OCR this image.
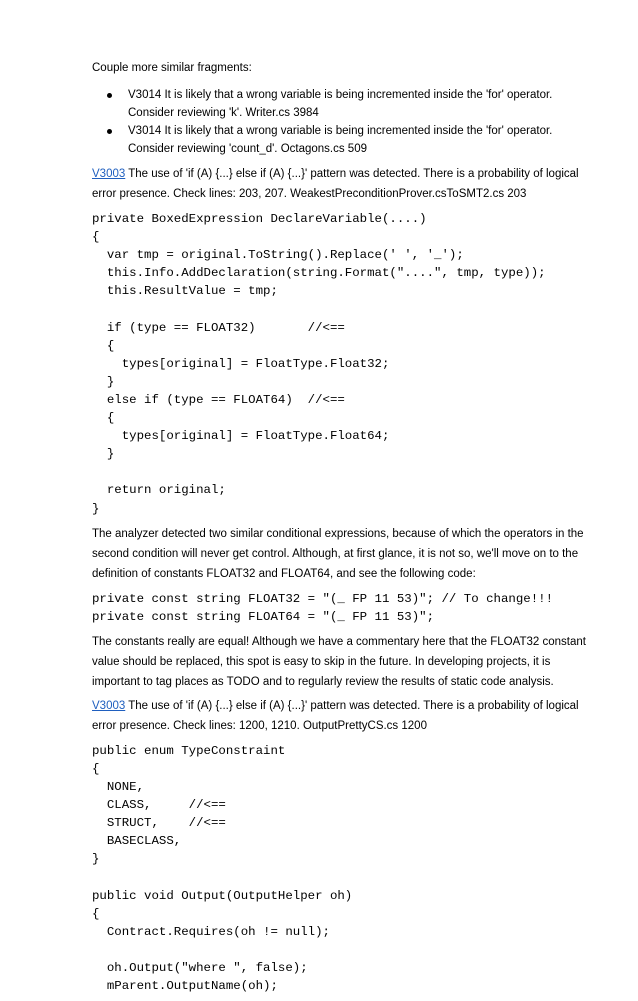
Couple more similar fragments:

V3014 It is likely that a wrong variable is being incremented inside the 'for' operator. Consider reviewing 'k'. Writer.cs 3984
V3014 It is likely that a wrong variable is being incremented inside the 'for' operator. Consider reviewing 'count_d'. Octagons.cs 509

V3003 The use of 'if (A) {...} else if (A) {...}' pattern was detected. There is a probability of logical error presence. Check lines: 203, 207. WeakestPreconditionProver.csToSMT2.cs 203

private BoxedExpression DeclareVariable(....)
{
var tmp = original.ToString().Replace(' ', '_');
this.Info.AddDeclaration(string.Format("....", tmp, type));
this.ResultValue = tmp;

if (type == FLOAT32)       //<==
{
types[original] = FloatType.Float32;
}
else if (type == FLOAT64)  //<==
{
types[original] = FloatType.Float64;
}

return original;
}

The analyzer detected two similar conditional expressions, because of which the operators in the second condition will never get control. Although, at first glance, it is not so, we'll move on to the definition of constants FLOAT32 and FLOAT64, and see the following code:

private const string FLOAT32 = "(_ FP 11 53)"; // To change!!!
private const string FLOAT64 = "(_ FP 11 53)";

The constants really are equal! Although we have a commentary here that the FLOAT32 constant value should be replaced, this spot is easy to skip in the future. In developing projects, it is important to tag places as TODO and to regularly review the results of static code analysis.

V3003 The use of 'if (A) {...} else if (A) {...}' pattern was detected. There is a probability of logical error presence. Check lines: 1200, 1210. OutputPrettyCS.cs 1200

public enum TypeConstraint
{
NONE,
CLASS,     //<==
STRUCT,    //<==
BASECLASS,
}

public void Output(OutputHelper oh)
{
Contract.Requires(oh != null);

oh.Output("where ", false);
mParent.OutputName(oh);
